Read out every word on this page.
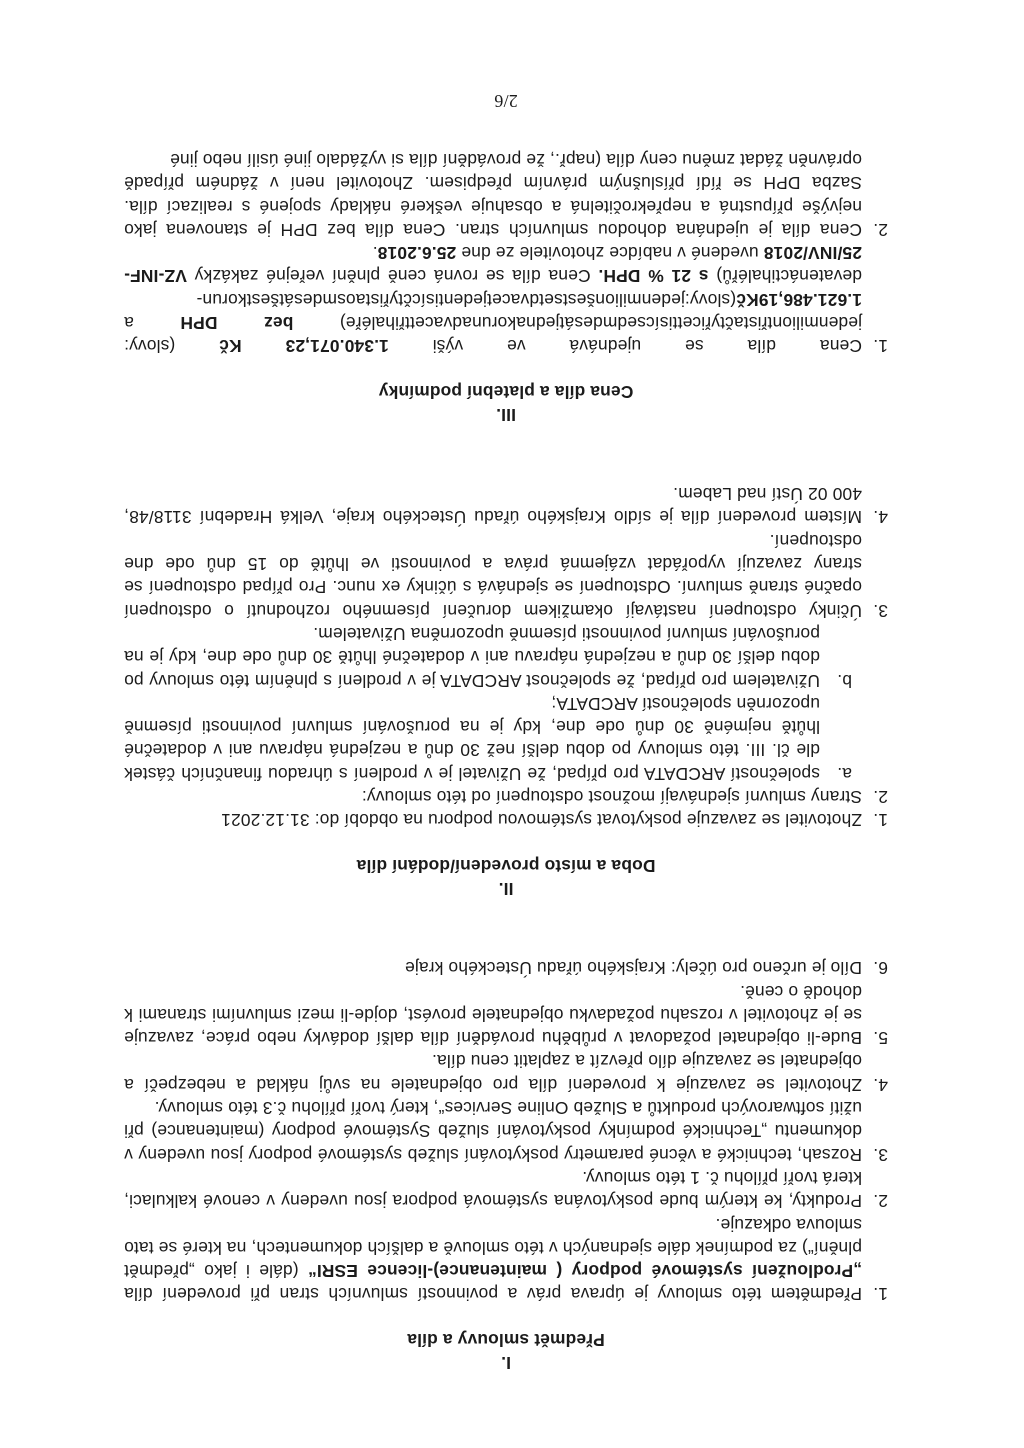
I.

Předmět smlouvy a díla

1.
Předmětem této smlouvy je úprava práv a povinností smluvních stran při provedení díla „Prodloužení systémové podpory ( maintenance)-licence ESRI“ (dále i jako „předmět plnění“) za podmínek dále sjednaných v této smlouvě a dalších dokumentech, na které se tato smlouva odkazuje.
2.
Produkty, ke kterým bude poskytována systémová podpora jsou uvedeny v cenové kalkulaci, která tvoří přílohu č. 1 této smlouvy.
3.
Rozsah, technické a věcné parametry poskytování služeb systémové podpory jsou uvedeny v dokumentu „Technické podmínky poskytování služeb Systémové podpory (maintenance) při užití softwarových produktů a Služeb Online Services“, který tvoří přílohu č.3 této smlouvy.
4.
Zhotovitel se zavazuje k provedení díla pro objednatele na svůj náklad a nebezpečí a objednatel se zavazuje dílo převzít a zaplatit cenu díla.
5.
Bude-li objednatel požadovat v průběhu provádění díla další dodávky nebo práce, zavazuje se je zhotovitel v rozsahu požadavku objednatele provést, dojde-li mezi smluvními stranami k dohodě o ceně.
6.
Dílo je určeno pro účely: Krajského úřadu Ústeckého kraje

II.

Doba a místo provedení/dodání díla

1.
Zhotovitel se zavazuje poskytovat systémovou podporu na období do: 31.12.2021
2.
Strany smluvní sjednávají možnost odstoupení od této smlouvy:
a.
společností ARCDATA pro případ, že Uživatel je v prodlení s úhradou finančních částek dle čl. III. této smlouvy po dobu delší než 30 dnů a nezjedná nápravu ani v dodatečné lhůtě nejméně 30 dnů ode dne, kdy je na porušování smluvní povinnosti písemně upozorněn společností ARCDATA;
b.
Uživatelem pro případ, že společnost ARCDATA je v prodlení s plněním této smlouvy po dobu delší 30 dnů a nezjedná nápravu ani v dodatečné lhůtě 30 dnů ode dne, kdy je na porušování smluvní povinnosti písemně upozorněna Uživatelem.
3.
Účinky odstoupení nastávají okamžikem doručení písemného rozhodnutí o odstoupení opačné straně smluvní. Odstoupení se sjednává s účinky ex nunc. Pro případ odstoupení se strany zavazují vypořádat vzájemná práva a povinnosti ve lhůtě do 15 dnů ode dne odstoupení.
4.
Místem provedení díla je sídlo Krajského úřadu Ústeckého kraje, Velká Hradební 3118/48, 400 02 Ústí nad Labem.

III.

Cena díla a platební podmínky

1.
Cena díla se ujednává ve výši 1.340.071,23 Kč (slovy: jedenmiliontřistačtyřicettisícsedmdesátjednakorunadvacettřihaléře) bez DPH a 1.621.486,19Kč(slovy:jedenmilionšestsetdvacetjedentisícčtyřistaosmdesátšestkorun-devatenáctihaléřů) s 21 % DPH. Cena díla se rovná ceně plnění veřejné zakázky VZ-INF-25/INV/2018 uvedené v nabídce zhotovitele ze dne 25.6.2018.
2.
Cena díla je ujednána dohodou smluvních stran. Cena díla bez DPH je stanovena jako nejvýše přípustná a nepřekročitelná a obsahuje veškeré náklady spojené s realizací díla. Sazba DPH se řídí příslušným právním předpisem. Zhotovitel není v žádném případě oprávněn žádat změnu ceny díla (např., že provádění díla si vyžádalo jiné úsilí nebo jiné
2/6
